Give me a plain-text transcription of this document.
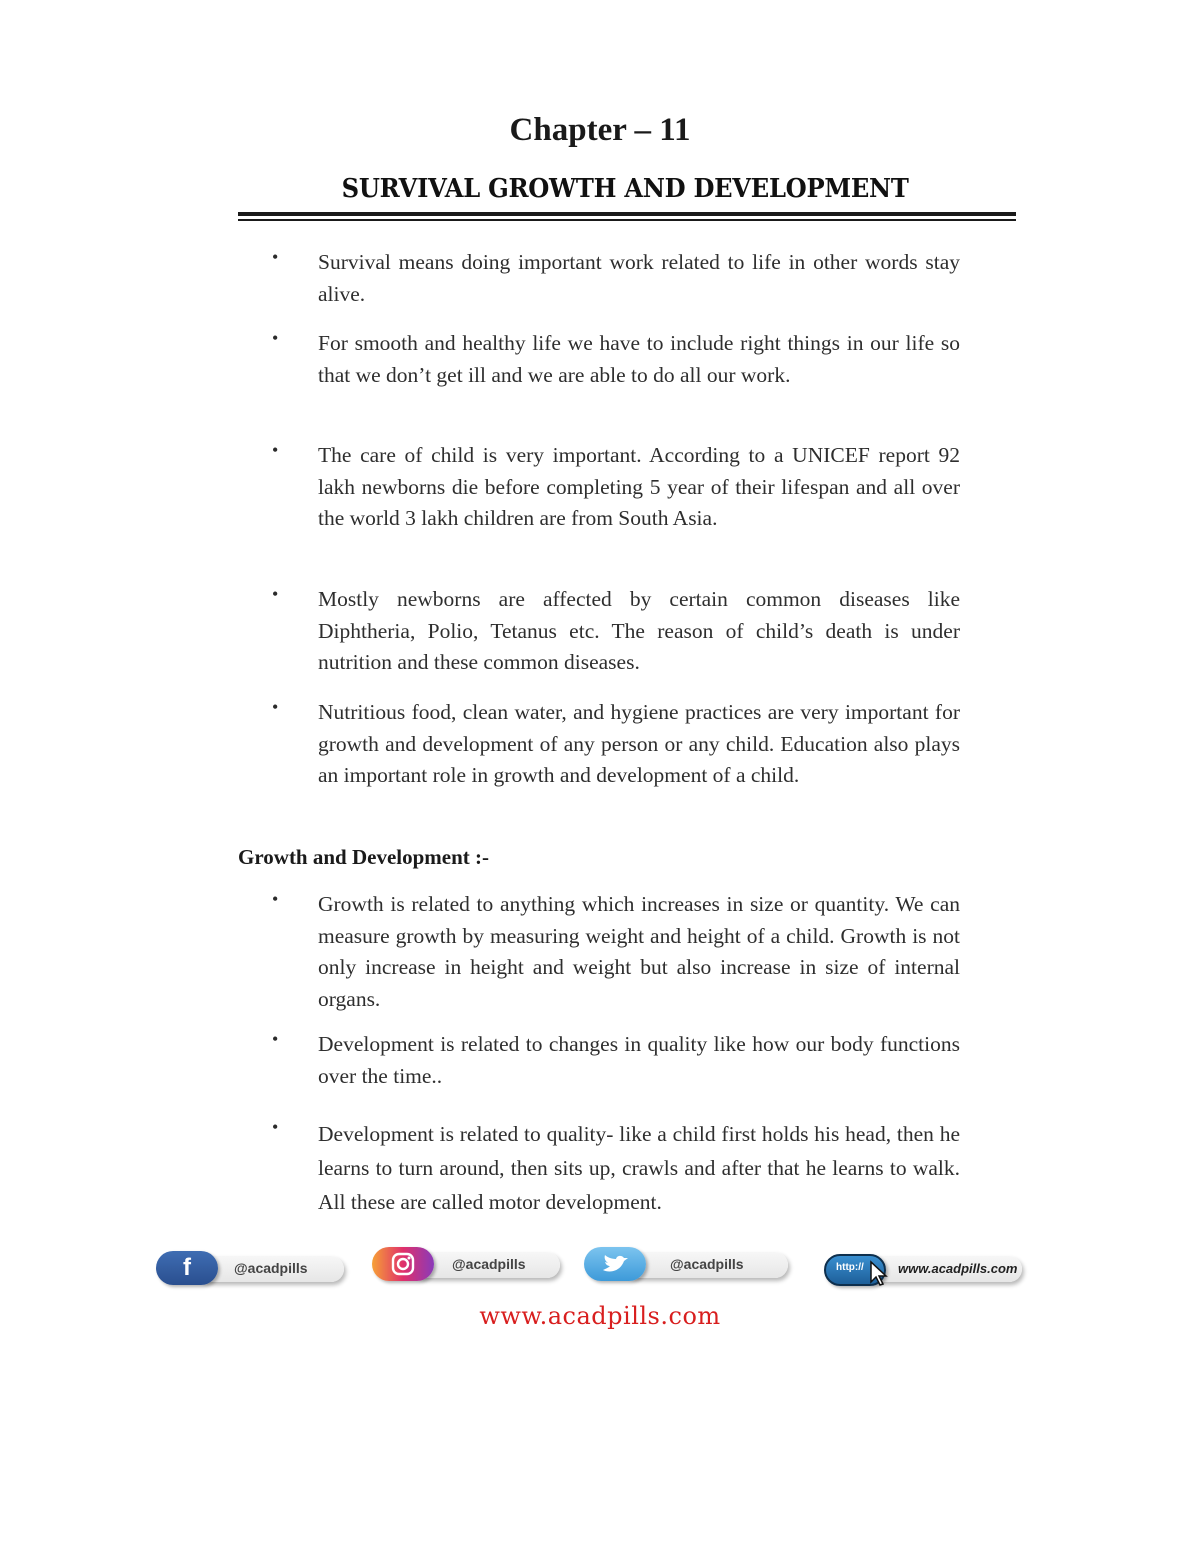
Chapter – 11
SURVIVAL GROWTH AND DEVELOPMENT
•	Survival means doing important work related to life in other words stay alive.
•	For smooth and healthy life we have to include right things in our life so that we don’t get ill and we are able to do all our work.
•	The care of child is very important. According to a UNICEF report 92 lakh newborns die before completing 5 year of their lifespan and all over the world 3 lakh children are from South Asia.
•	Mostly newborns are affected by certain common diseases like Diphtheria, Polio, Tetanus etc. The reason of child’s death is under nutrition and these common diseases.
•	Nutritious food, clean water, and hygiene practices are very important for growth and development of any person or any child. Education also plays an important role in growth and development of a child.
Growth and Development :-
•	Growth is related to anything which increases in size or quantity. We can measure growth by measuring weight and height of a child. Growth is not only increase in height and weight but also increase in size of internal organs.
•	Development is related to changes in quality like how our body functions over the time..
•	Development is related to quality- like a child first holds his head, then he learns to turn around, then sits up, crawls and after that he learns to walk. All these are called motor development.
f	@acadpills	@acadpills	@acadpills	http://	www.acadpills.com
www.acadpills.com
